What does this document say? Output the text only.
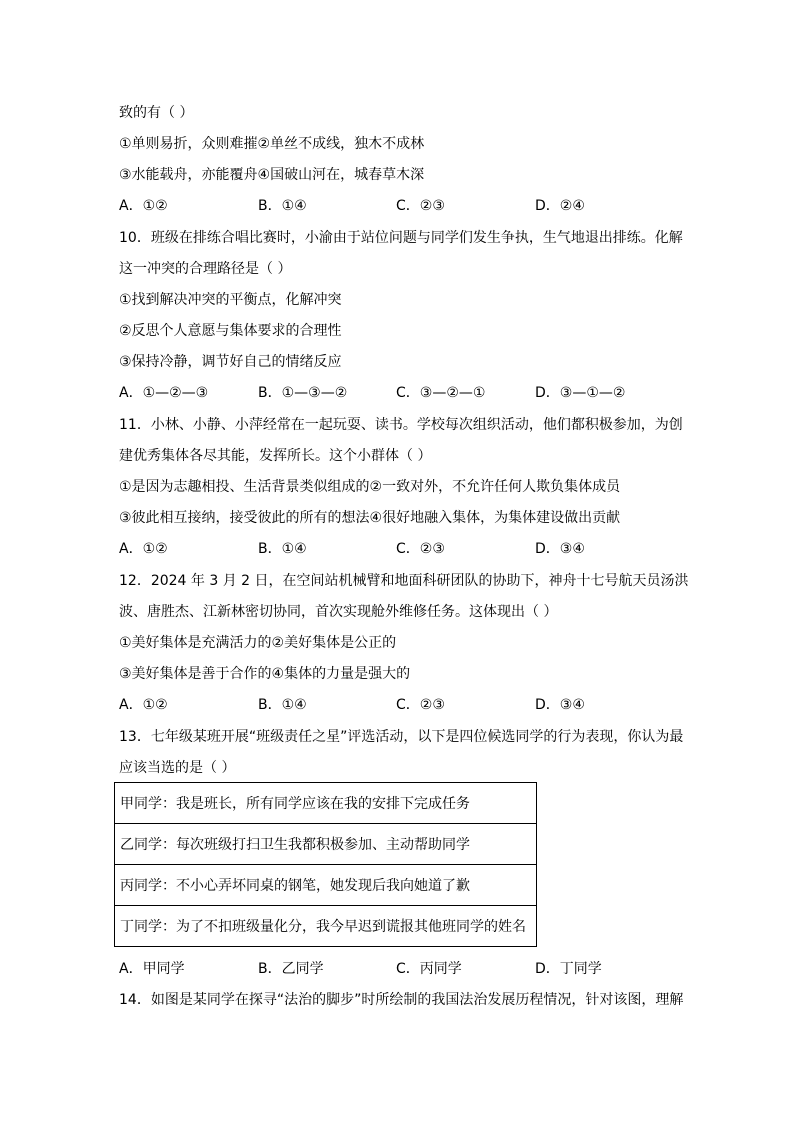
致的有（ ）
①单则易折，众则难摧②单丝不成线，独木不成林
③水能载舟，亦能覆舟④国破山河在，城春草木深
A．①②	B．①④	C．②③	D．②④
10．班级在排练合唱比赛时，小渝由于站位问题与同学们发生争执，生气地退出排练。化解
这一冲突的合理路径是（ ）
①找到解决冲突的平衡点，化解冲突
②反思个人意愿与集体要求的合理性
③保持冷静，调节好自己的情绪反应
A．①—②—③	B．①—③—②	C．③—②—①	D．③—①—②
11．小林、小静、小萍经常在一起玩耍、读书。学校每次组织活动，他们都积极参加，为创
建优秀集体各尽其能，发挥所长。这个小群体（ ）
①是因为志趣相投、生活背景类似组成的②一致对外，不允许任何人欺负集体成员
③彼此相互接纳，接受彼此的所有的想法④很好地融入集体，为集体建设做出贡献
A．①②	B．①④	C．②③	D．③④
12．2024 年 3 月 2 日，在空间站机械臂和地面科研团队的协助下，神舟十七号航天员汤洪
波、唐胜杰、江新林密切协同，首次实现舱外维修任务。这体现出（ ）
①美好集体是充满活力的②美好集体是公正的
③美好集体是善于合作的④集体的力量是强大的
A．①②	B．①④	C．②③	D．③④
13．七年级某班开展“班级责任之星”评选活动，以下是四位候选同学的行为表现，你认为最
应该当选的是（ ）
甲同学：我是班长，所有同学应该在我的安排下完成任务
乙同学：每次班级打扫卫生我都积极参加、主动帮助同学
丙同学：不小心弄坏同桌的钢笔，她发现后我向她道了歉
丁同学：为了不扣班级量化分，我今早迟到谎报其他班同学的姓名
A．甲同学	B．乙同学	C．丙同学	D．丁同学
14．如图是某同学在探寻“法治的脚步”时所绘制的我国法治发展历程情况，针对该图，理解
